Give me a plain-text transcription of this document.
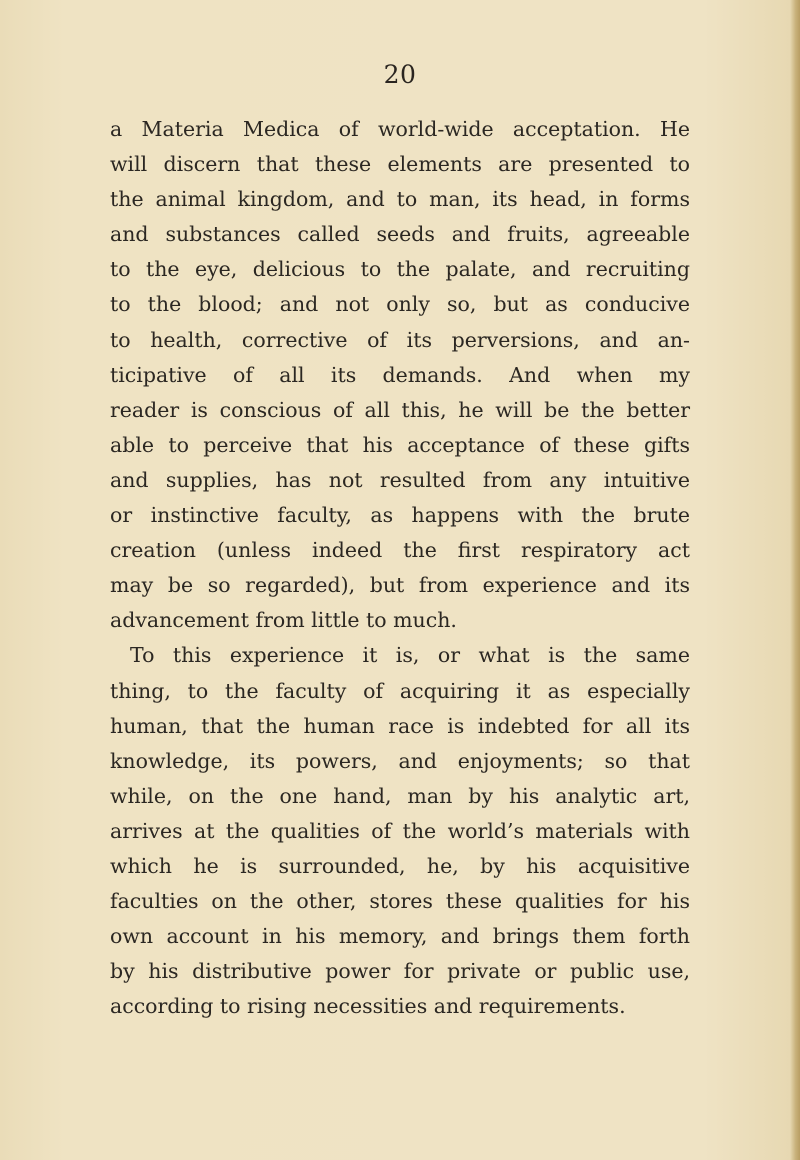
20
a Materia Medica of world-wide acceptation. He
will discern that these elements are presented to
the animal kingdom, and to man, its head, in forms
and substances called seeds and fruits, agreeable
to the eye, delicious to the palate, and recruiting
to the blood; and not only so, but as conducive
to health, corrective of its perversions, and an-
ticipative of all its demands. And when my
reader is conscious of all this, he will be the better
able to perceive that his acceptance of these gifts
and supplies, has not resulted from any intuitive
or instinctive faculty, as happens with the brute
creation (unless indeed the first respiratory act
may be so regarded), but from experience and its
advancement from little to much.
To this experience it is, or what is the same
thing, to the faculty of acquiring it as especially
human, that the human race is indebted for all its
knowledge, its powers, and enjoyments; so that
while, on the one hand, man by his analytic art,
arrives at the qualities of the world’s materials with
which he is surrounded, he, by his acquisitive
faculties on the other, stores these qualities for his
own account in his memory, and brings them forth
by his distributive power for private or public use,
according to rising necessities and requirements.
